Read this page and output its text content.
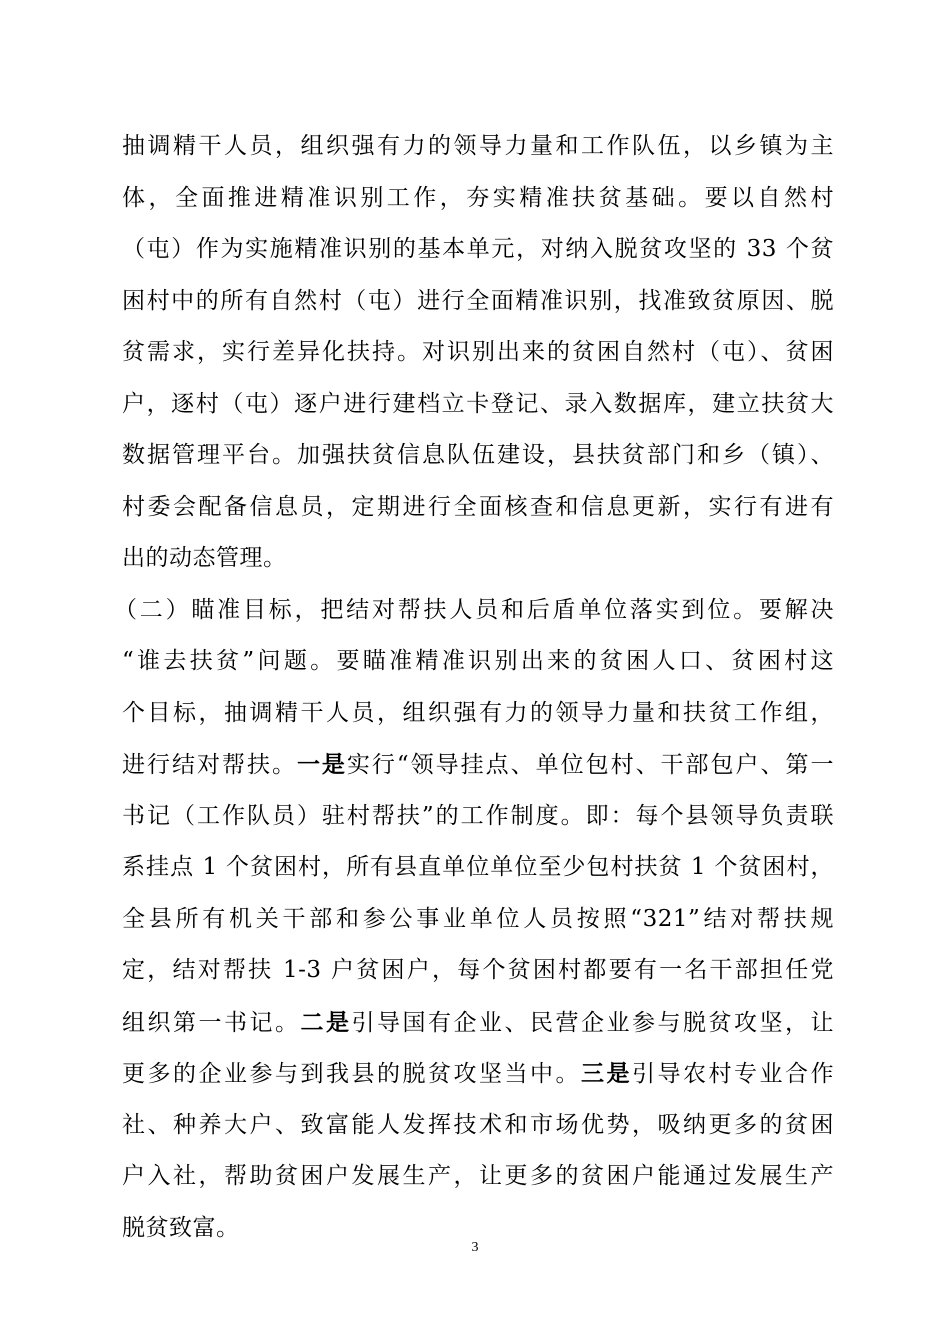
抽调精干人员，组织强有力的领导力量和工作队伍，以乡镇为主
体，全面推进精准识别工作，夯实精准扶贫基础。要以自然村
（屯）作为实施精准识别的基本单元，对纳入脱贫攻坚的 33 个贫
困村中的所有自然村（屯）进行全面精准识别，找准致贫原因、脱
贫需求，实行差异化扶持。对识别出来的贫困自然村（屯）、贫困
户，逐村（屯）逐户进行建档立卡登记、录入数据库，建立扶贫大
数据管理平台。加强扶贫信息队伍建设，县扶贫部门和乡（镇）、
村委会配备信息员，定期进行全面核查和信息更新，实行有进有
出的动态管理。
（二）瞄准目标，把结对帮扶人员和后盾单位落实到位。要解决
“谁去扶贫”问题。要瞄准精准识别出来的贫困人口、贫困村这
个目标，抽调精干人员，组织强有力的领导力量和扶贫工作组，
进行结对帮扶。一是实行“领导挂点、单位包村、干部包户、第一
书记（工作队员）驻村帮扶”的工作制度。即：每个县领导负责联
系挂点 1 个贫困村，所有县直单位单位至少包村扶贫 1 个贫困村，
全县所有机关干部和参公事业单位人员按照“321”结对帮扶规
定，结对帮扶 1-3 户贫困户，每个贫困村都要有一名干部担任党
组织第一书记。二是引导国有企业、民营企业参与脱贫攻坚，让
更多的企业参与到我县的脱贫攻坚当中。三是引导农村专业合作
社、种养大户、致富能人发挥技术和市场优势，吸纳更多的贫困
户入社，帮助贫困户发展生产，让更多的贫困户能通过发展生产
脱贫致富。
3
